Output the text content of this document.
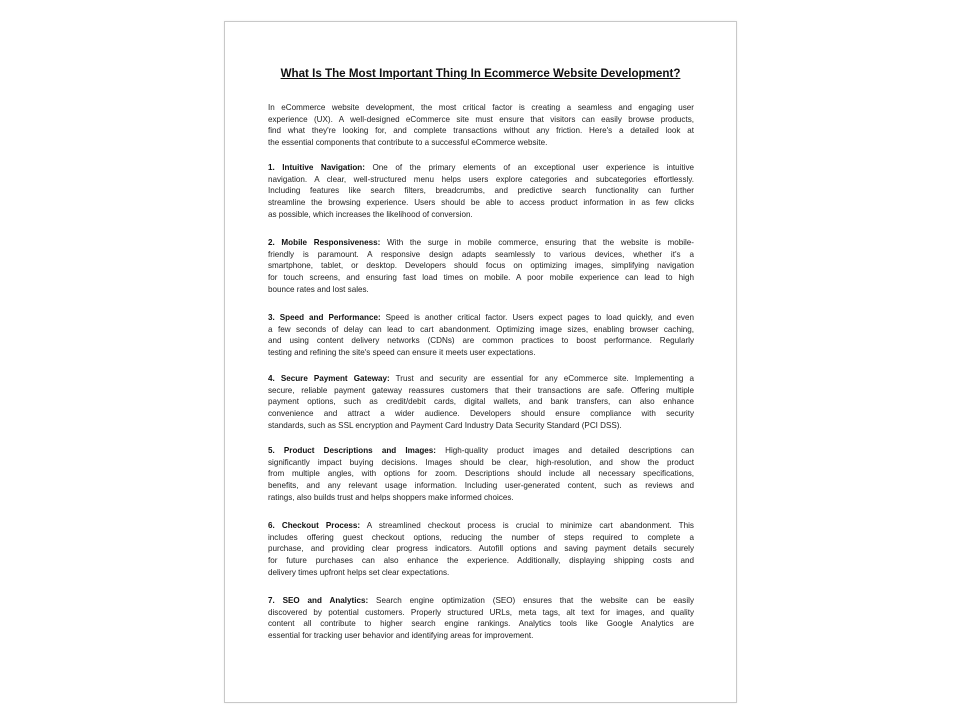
What Is The Most Important Thing In Ecommerce Website Development?
In eCommerce website development, the most critical factor is creating a seamless and engaging user
experience (UX). A well-designed eCommerce site must ensure that visitors can easily browse products,
find what they're looking for, and complete transactions without any friction. Here's a detailed look at
the essential components that contribute to a successful eCommerce website.
1. Intuitive Navigation: One of the primary elements of an exceptional user experience is intuitive
navigation. A clear, well-structured menu helps users explore categories and subcategories effortlessly.
Including features like search filters, breadcrumbs, and predictive search functionality can further
streamline the browsing experience. Users should be able to access product information in as few clicks
as possible, which increases the likelihood of conversion.
2. Mobile Responsiveness: With the surge in mobile commerce, ensuring that the website is mobile-
friendly is paramount. A responsive design adapts seamlessly to various devices, whether it's a
smartphone, tablet, or desktop. Developers should focus on optimizing images, simplifying navigation
for touch screens, and ensuring fast load times on mobile. A poor mobile experience can lead to high
bounce rates and lost sales.
3. Speed and Performance: Speed is another critical factor. Users expect pages to load quickly, and even
a few seconds of delay can lead to cart abandonment. Optimizing image sizes, enabling browser caching,
and using content delivery networks (CDNs) are common practices to boost performance. Regularly
testing and refining the site's speed can ensure it meets user expectations.
4. Secure Payment Gateway: Trust and security are essential for any eCommerce site. Implementing a
secure, reliable payment gateway reassures customers that their transactions are safe. Offering multiple
payment options, such as credit/debit cards, digital wallets, and bank transfers, can also enhance
convenience and attract a wider audience. Developers should ensure compliance with security
standards, such as SSL encryption and Payment Card Industry Data Security Standard (PCI DSS).
5. Product Descriptions and Images: High-quality product images and detailed descriptions can
significantly impact buying decisions. Images should be clear, high-resolution, and show the product
from multiple angles, with options for zoom. Descriptions should include all necessary specifications,
benefits, and any relevant usage information. Including user-generated content, such as reviews and
ratings, also builds trust and helps shoppers make informed choices.
6. Checkout Process: A streamlined checkout process is crucial to minimize cart abandonment. This
includes offering guest checkout options, reducing the number of steps required to complete a
purchase, and providing clear progress indicators. Autofill options and saving payment details securely
for future purchases can also enhance the experience. Additionally, displaying shipping costs and
delivery times upfront helps set clear expectations.
7. SEO and Analytics: Search engine optimization (SEO) ensures that the website can be easily
discovered by potential customers. Properly structured URLs, meta tags, alt text for images, and quality
content all contribute to higher search engine rankings. Analytics tools like Google Analytics are
essential for tracking user behavior and identifying areas for improvement.
